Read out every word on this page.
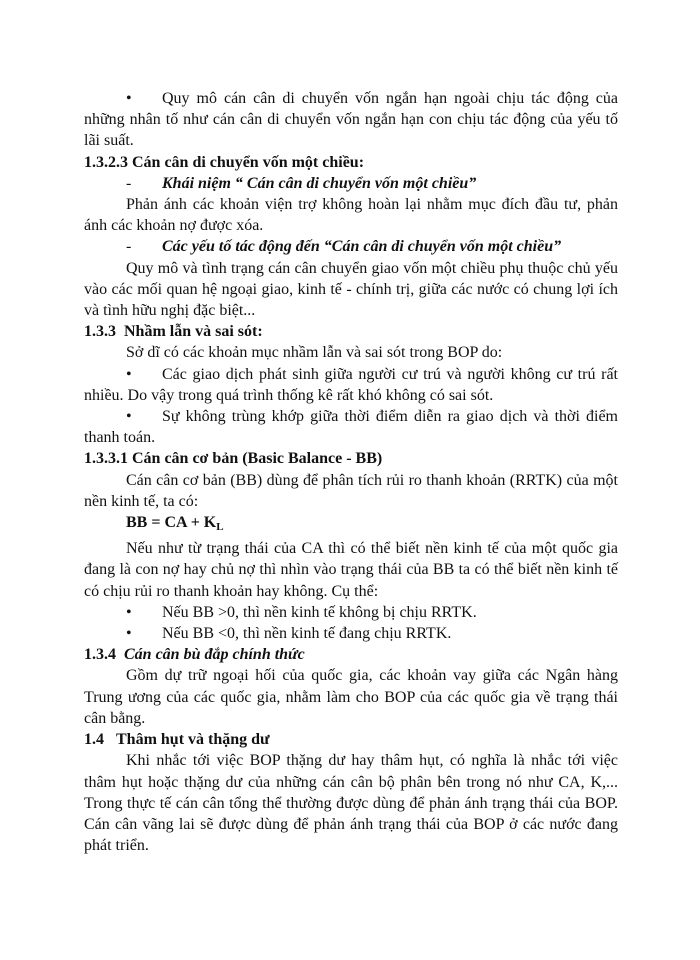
• Quy mô cán cân di chuyển vốn ngắn hạn ngoài chịu tác động của những nhân tố như cán cân di chuyển vốn ngắn hạn con chịu tác động của yếu tố lãi suất.

1.3.2.3 Cán cân di chuyển vốn một chiều:

- Khái niệm “ Cán cân di chuyển vốn một chiều”

Phản ánh các khoản viện trợ không hoàn lại nhằm mục đích đầu tư, phản ánh các khoản nợ được xóa.

- Các yếu tố tác động đến “Cán cân di chuyển vốn một chiều”

Quy mô và tình trạng cán cân chuyển giao vốn một chiều phụ thuộc chủ yếu vào các mối quan hệ ngoại giao, kinh tế - chính trị, giữa các nước có chung lợi ích và tình hữu nghị đặc biệt...

1.3.3 Nhầm lẫn và sai sót:

Sở dĩ có các khoản mục nhầm lẫn và sai sót trong BOP do:

• Các giao dịch phát sinh giữa người cư trú và người không cư trú rất nhiều. Do vậy trong quá trình thống kê rất khó không có sai sót.

• Sự không trùng khớp giữa thời điểm diễn ra giao dịch và thời điểm thanh toán.

1.3.3.1 Cán cân cơ bản (Basic Balance - BB)

Cán cân cơ bản (BB) dùng để phân tích rủi ro thanh khoản (RRTK) của một nền kinh tế, ta có:

BB = CA + $K_L$

Nếu như từ trạng thái của CA thì có thể biết nền kinh tế của một quốc gia đang là con nợ hay chủ nợ thì nhìn vào trạng thái của BB ta có thể biết nền kinh tế có chịu rủi ro thanh khoản hay không. Cụ thể:

• Nếu BB >0, thì nền kinh tế không bị chịu RRTK.

• Nếu BB <0, thì nền kinh tế đang chịu RRTK.

1.3.4 Cán cân bù đắp chính thức

Gồm dự trữ ngoại hối của quốc gia, các khoản vay giữa các Ngân hàng Trung ương của các quốc gia, nhằm làm cho BOP của các quốc gia về trạng thái cân bằng.

1.4 Thâm hụt và thặng dư

Khi nhắc tới việc BOP thặng dư hay thâm hụt, có nghĩa là nhắc tới việc thâm hụt hoặc thặng dư của những cán cân bộ phân bên trong nó như CA, K,... Trong thực tế cán cân tổng thể thường được dùng để phản ánh trạng thái của BOP. Cán cân vãng lai sẽ được dùng để phản ánh trạng thái của BOP ở các nước đang phát triển.
